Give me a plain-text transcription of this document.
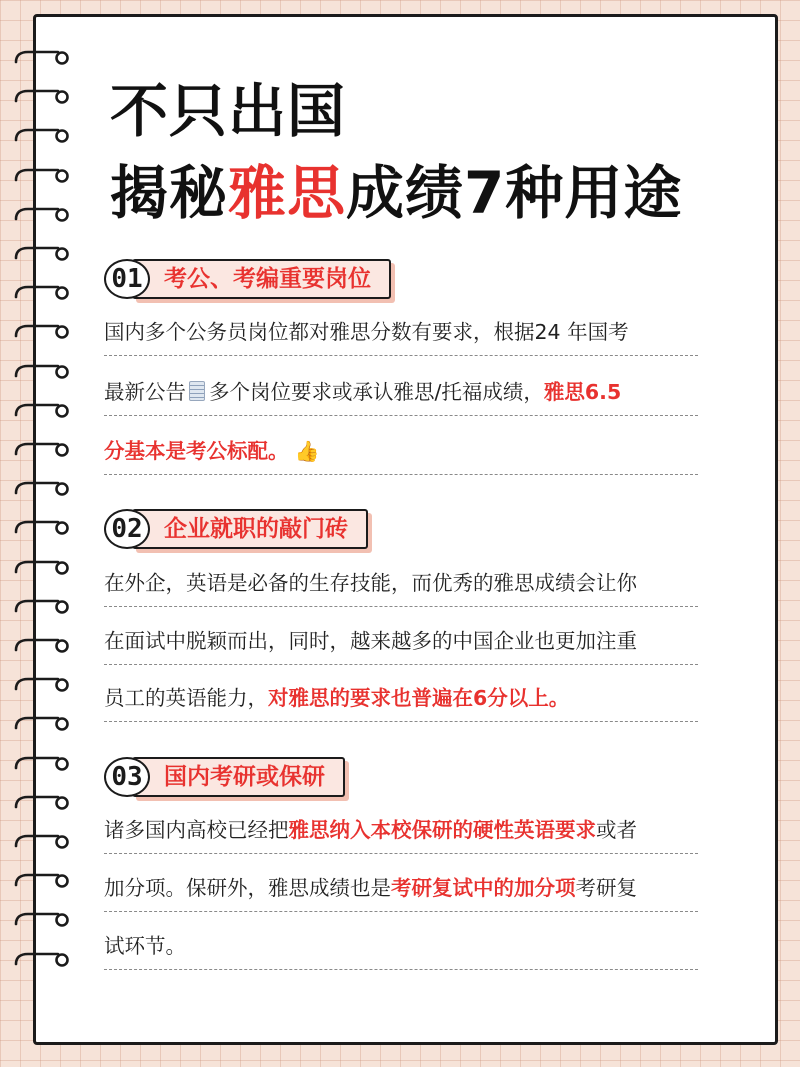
不只出国
揭秘雅思成绩7种用途
01 考公、考编重要岗位
国内多个公务员岗位都对雅思分数有要求，根据24 年国考
最新公告 多个岗位要求或承认雅思/托福成绩，雅思6.5
分基本是考公标配。 👍
02 企业就职的敲门砖
在外企，英语是必备的生存技能，而优秀的雅思成绩会让你
在面试中脱颖而出，同时，越来越多的中国企业也更加注重
员工的英语能力，对雅思的要求也普遍在6分以上。
03 国内考研或保研
诸多国内高校已经把雅思纳入本校保研的硬性英语要求或者
加分项。保研外，雅思成绩也是考研复试中的加分项考研复
试环节。
